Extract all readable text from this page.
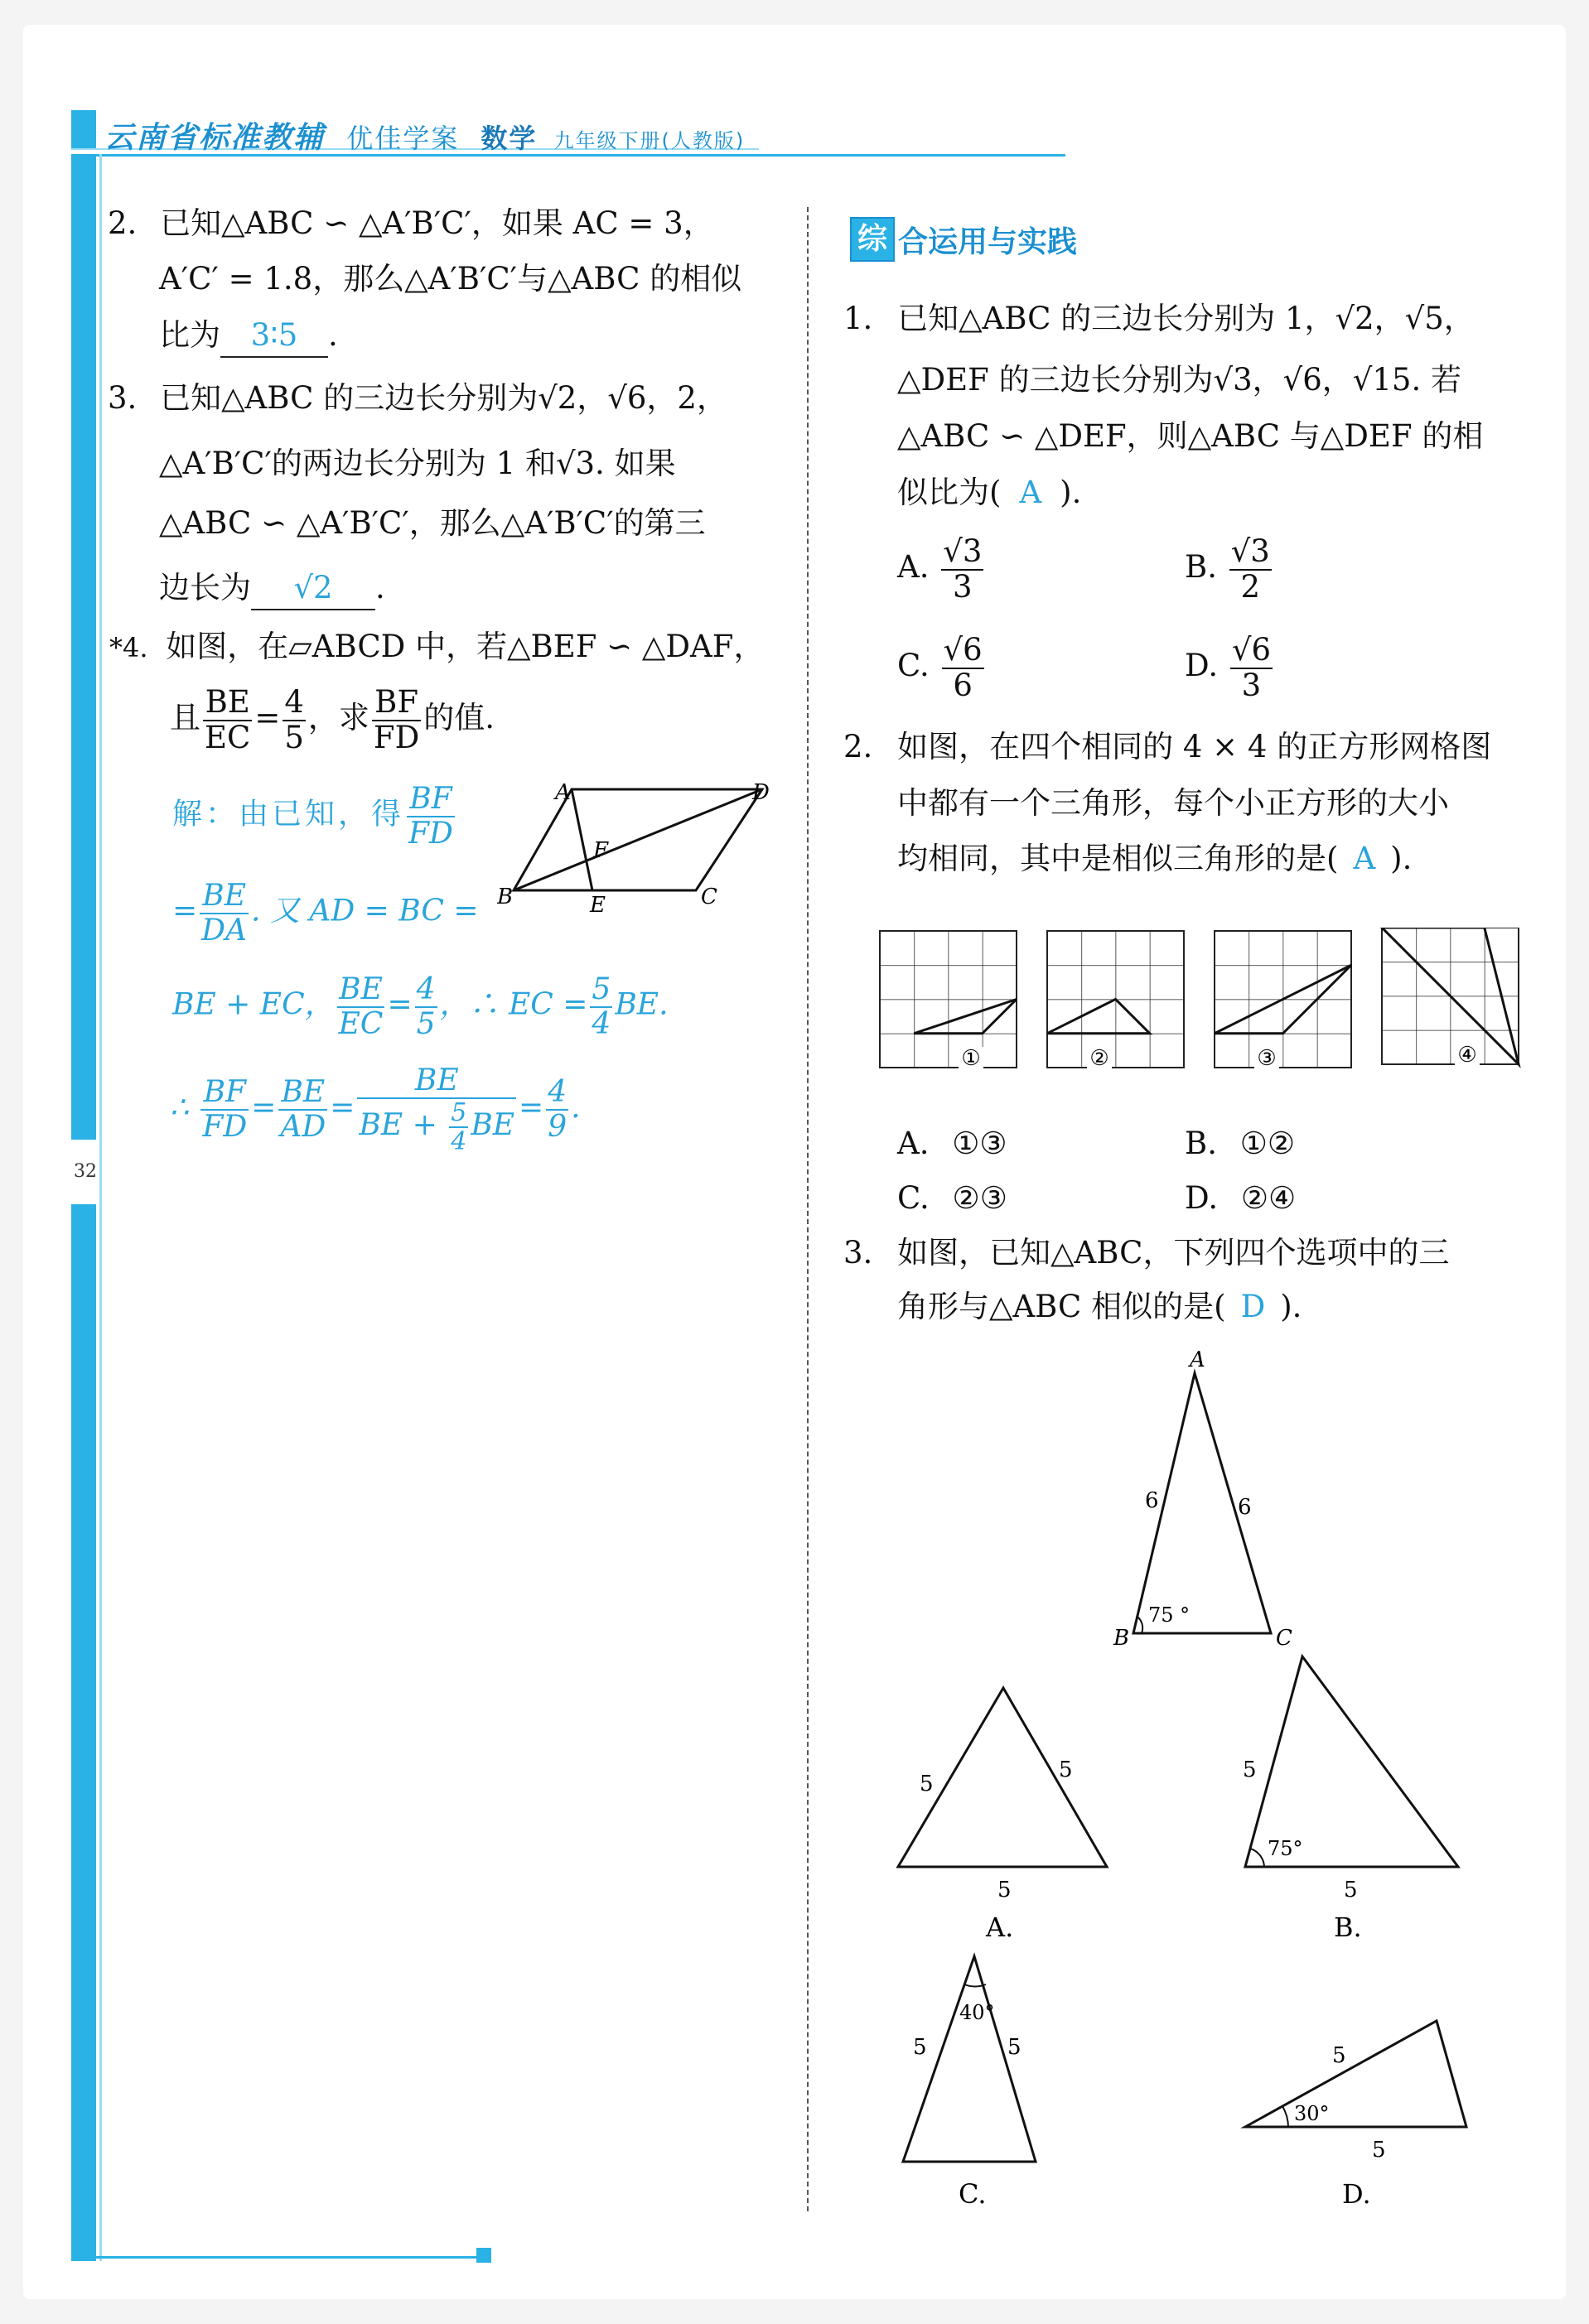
云南省标准教辅 优佳学案 数学 九年级下册(人教版)
32
2. 已知△ABC ∽ △A′B′C′，如果 AC = 3，
A′C′ = 1.8，那么△A′B′C′与△ABC 的相似
比为 3∶5 .
3. 已知△ABC 的三边长分别为√2，√6，2，
△A′B′C′的两边长分别为 1 和√3. 如果
△ABC ∽ △A′B′C′，那么△A′B′C′的第三
边长为 √2 .
*4. 如图，在▱ABCD 中，若△BEF ∽ △DAF，
且 $\frac{BE}{EC} = \frac{4}{5}$ ，求 $\frac{BF}{FD}$ 的值.
A	D
F
B	E	C
解：由已知，得 $\frac{BF}{FD}$
= $\frac{BE}{DA}$ . 又 AD = BC =
BE + EC， $\frac{BE}{EC} = \frac{4}{5}$ ，∴ EC = $\frac{5}{4}$ BE.
∴ $\frac{BF}{FD} = \frac{BE}{AD} = \frac{BE}{BE + \frac{5}{4} BE} = \frac{4}{9}$ .
综 合运用与实践
1. 已知△ABC 的三边长分别为 1，√2，√5，
△DEF 的三边长分别为√3，√6，√15. 若
△ABC ∽ △DEF，则△ABC 与△DEF 的相
似比为( A ).
A. $\frac{√3}{3}$	B. $\frac{√3}{2}$
C. $\frac{√6}{6}$	D. $\frac{√6}{3}$
2. 如图，在四个相同的 4 × 4 的正方形网格图
中都有一个三角形，每个小正方形的大小
均相同，其中是相似三角形的是( A ).
①	②	③	④
A. ①③	B. ①②
C. ②③	D. ②④
3. 如图，已知△ABC，下列四个选项中的三
角形与△ABC 相似的是( D ).
A
B	C
6	6
75 °
5
5
5
A.
5
75°
5
B.
40°
5	5
C.
5
30°
5
D.
